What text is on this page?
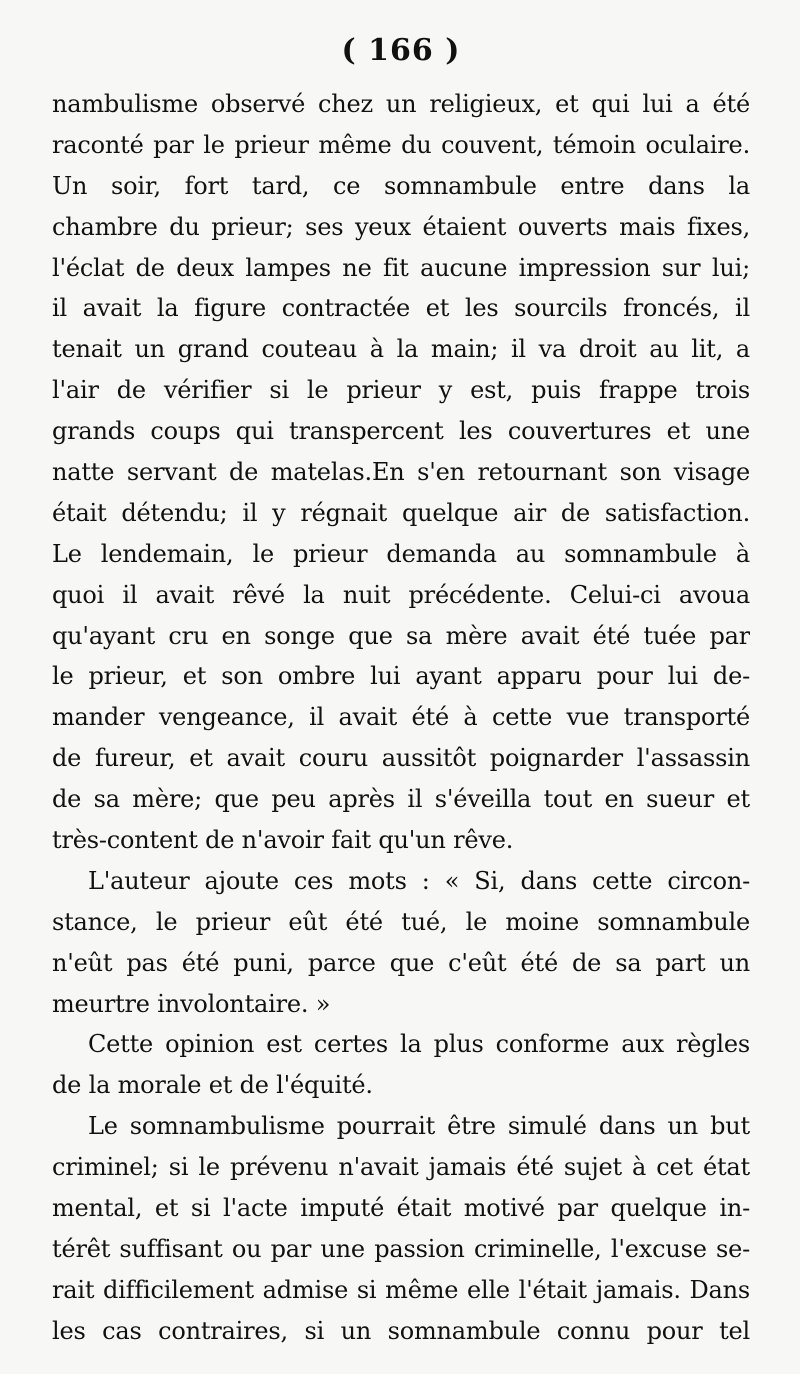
( 166 )
nambulisme observé chez un religieux, et qui lui a été
raconté par le prieur même du couvent, témoin oculaire.
Un soir, fort tard, ce somnambule entre dans la
chambre du prieur; ses yeux étaient ouverts mais fixes,
l'éclat de deux lampes ne fit aucune impression sur lui;
il avait la figure contractée et les sourcils froncés, il
tenait un grand couteau à la main; il va droit au lit, a
l'air de vérifier si le prieur y est, puis frappe trois
grands coups qui transpercent les couvertures et une
natte servant de matelas.En s'en retournant son visage
était détendu; il y régnait quelque air de satisfaction.
Le lendemain, le prieur demanda au somnambule à
quoi il avait rêvé la nuit précédente. Celui-ci avoua
qu'ayant cru en songe que sa mère avait été tuée par
le prieur, et son ombre lui ayant apparu pour lui de-
mander vengeance, il avait été à cette vue transporté
de fureur, et avait couru aussitôt poignarder l'assassin
de sa mère; que peu après il s'éveilla tout en sueur et
très-content de n'avoir fait qu'un rêve.
L'auteur ajoute ces mots : « Si, dans cette circon-
stance, le prieur eût été tué, le moine somnambule
n'eût pas été puni, parce que c'eût été de sa part un
meurtre involontaire. »
Cette opinion est certes la plus conforme aux règles
de la morale et de l'équité.
Le somnambulisme pourrait être simulé dans un but
criminel; si le prévenu n'avait jamais été sujet à cet état
mental, et si l'acte imputé était motivé par quelque in-
térêt suffisant ou par une passion criminelle, l'excuse se-
rait difficilement admise si même elle l'était jamais. Dans
les cas contraires, si un somnambule connu pour tel
